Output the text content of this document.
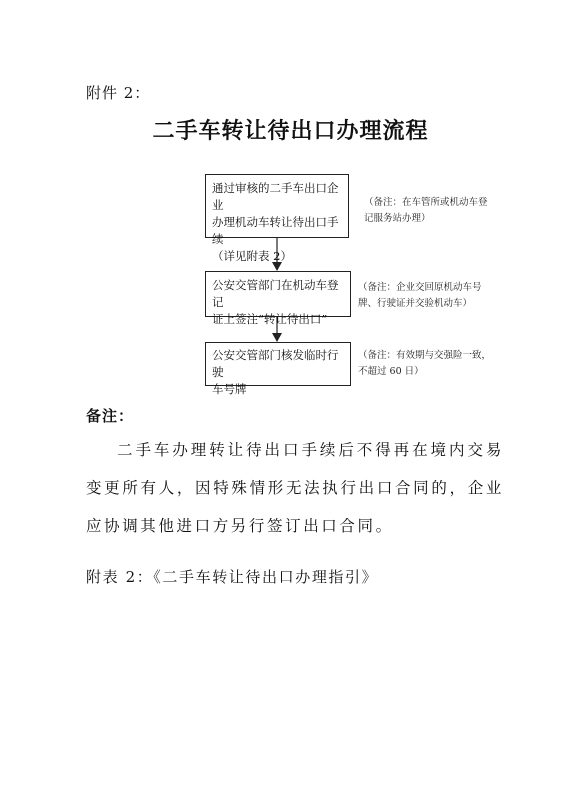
附件 2：
二手车转让待出口办理流程
通过审核的二手车出口企业
办理机动车转让待出口手续
（详见附表 2）
（备注：在车管所或机动车登
记服务站办理）
公安交管部门在机动车登记
证上签注“转让待出口”
（备注：企业交回原机动车号
牌、行驶证并交验机动车）
公安交管部门核发临时行驶
车号牌
（备注：有效期与交强险一致，
不超过 60 日）
备注：
二手车办理转让待出口手续后不得再在境内交易变更所有人，因特殊情形无法执行出口合同的，企业应协调其他进口方另行签订出口合同。
附表 2：《二手车转让待出口办理指引》
